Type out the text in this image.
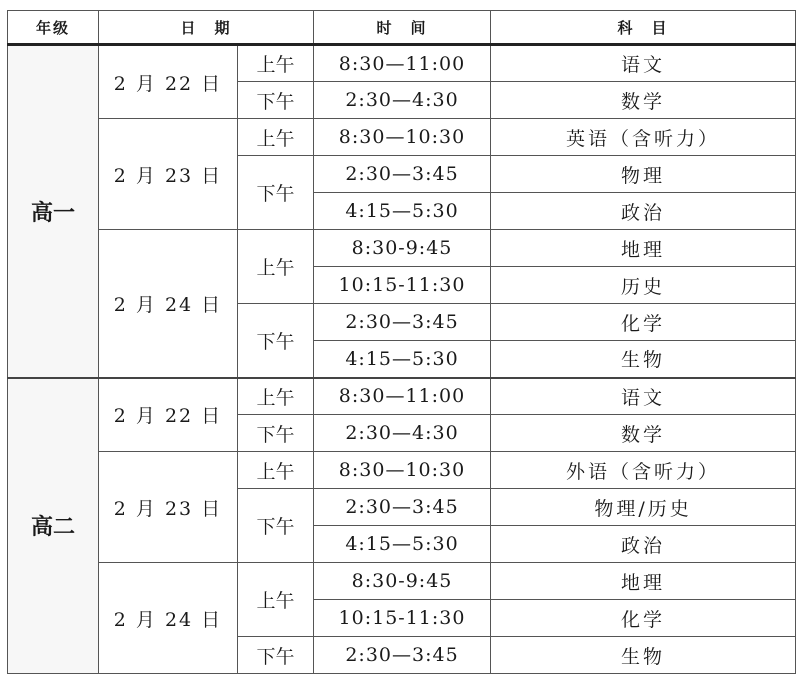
年级	日　期		时　间	科　目
高一	2 月 22 日	上午	8:30—11:00	语文
		下午	2:30—4:30	数学
	2 月 23 日	上午	8:30—10:30	英语（含听力）
		下午	2:30—3:45	物理
			4:15—5:30	政治
	2 月 24 日	上午	8:30-9:45	地理
			10:15-11:30	历史
		下午	2:30—3:45	化学
			4:15—5:30	生物
高二	2 月 22 日	上午	8:30—11:00	语文
		下午	2:30—4:30	数学
	2 月 23 日	上午	8:30—10:30	外语（含听力）
		下午	2:30—3:45	物理/历史
			4:15—5:30	政治
	2 月 24 日	上午	8:30-9:45	地理
			10:15-11:30	化学
		下午	2:30—3:45	生物
